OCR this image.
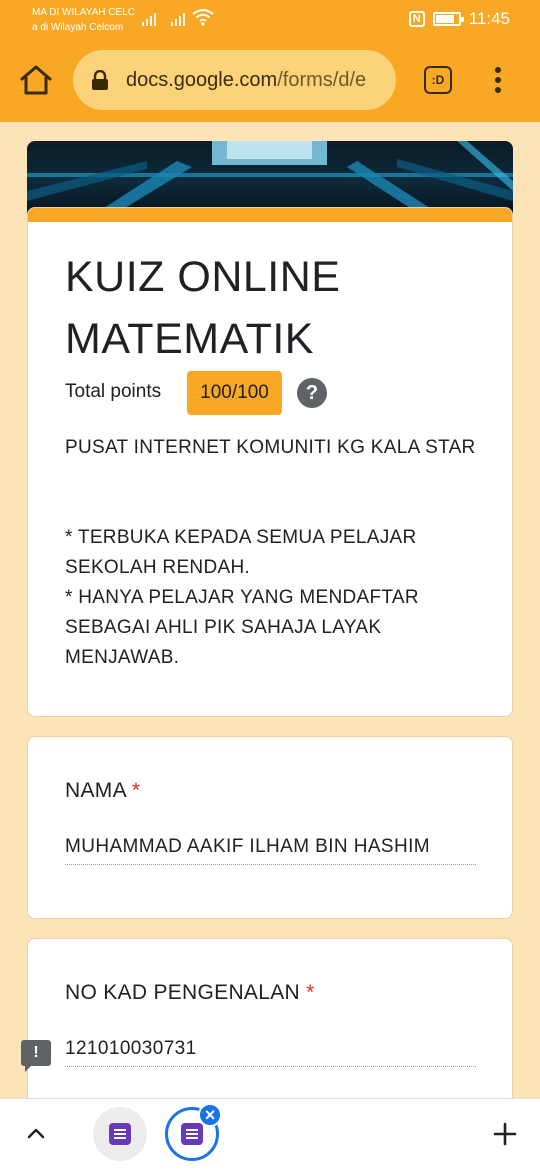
MA DI WILAYAH CELC
a di Wilayah Celcom
N	11:45
docs.google.com/forms/d/e	:D
KUIZ ONLINE MATEMATIK
Total points	100/100	?
PUSAT INTERNET KOMUNITI KG KALA STAR
* TERBUKA KEPADA SEMUA PELAJAR SEKOLAH RENDAH.
* HANYA PELAJAR YANG MENDAFTAR SEBAGAI AHLI PIK SAHAJA LAYAK MENJAWAB.
NAMA *
MUHAMMAD AAKIF ILHAM BIN HASHIM
NO KAD PENGENALAN *
121010030731
!
×
